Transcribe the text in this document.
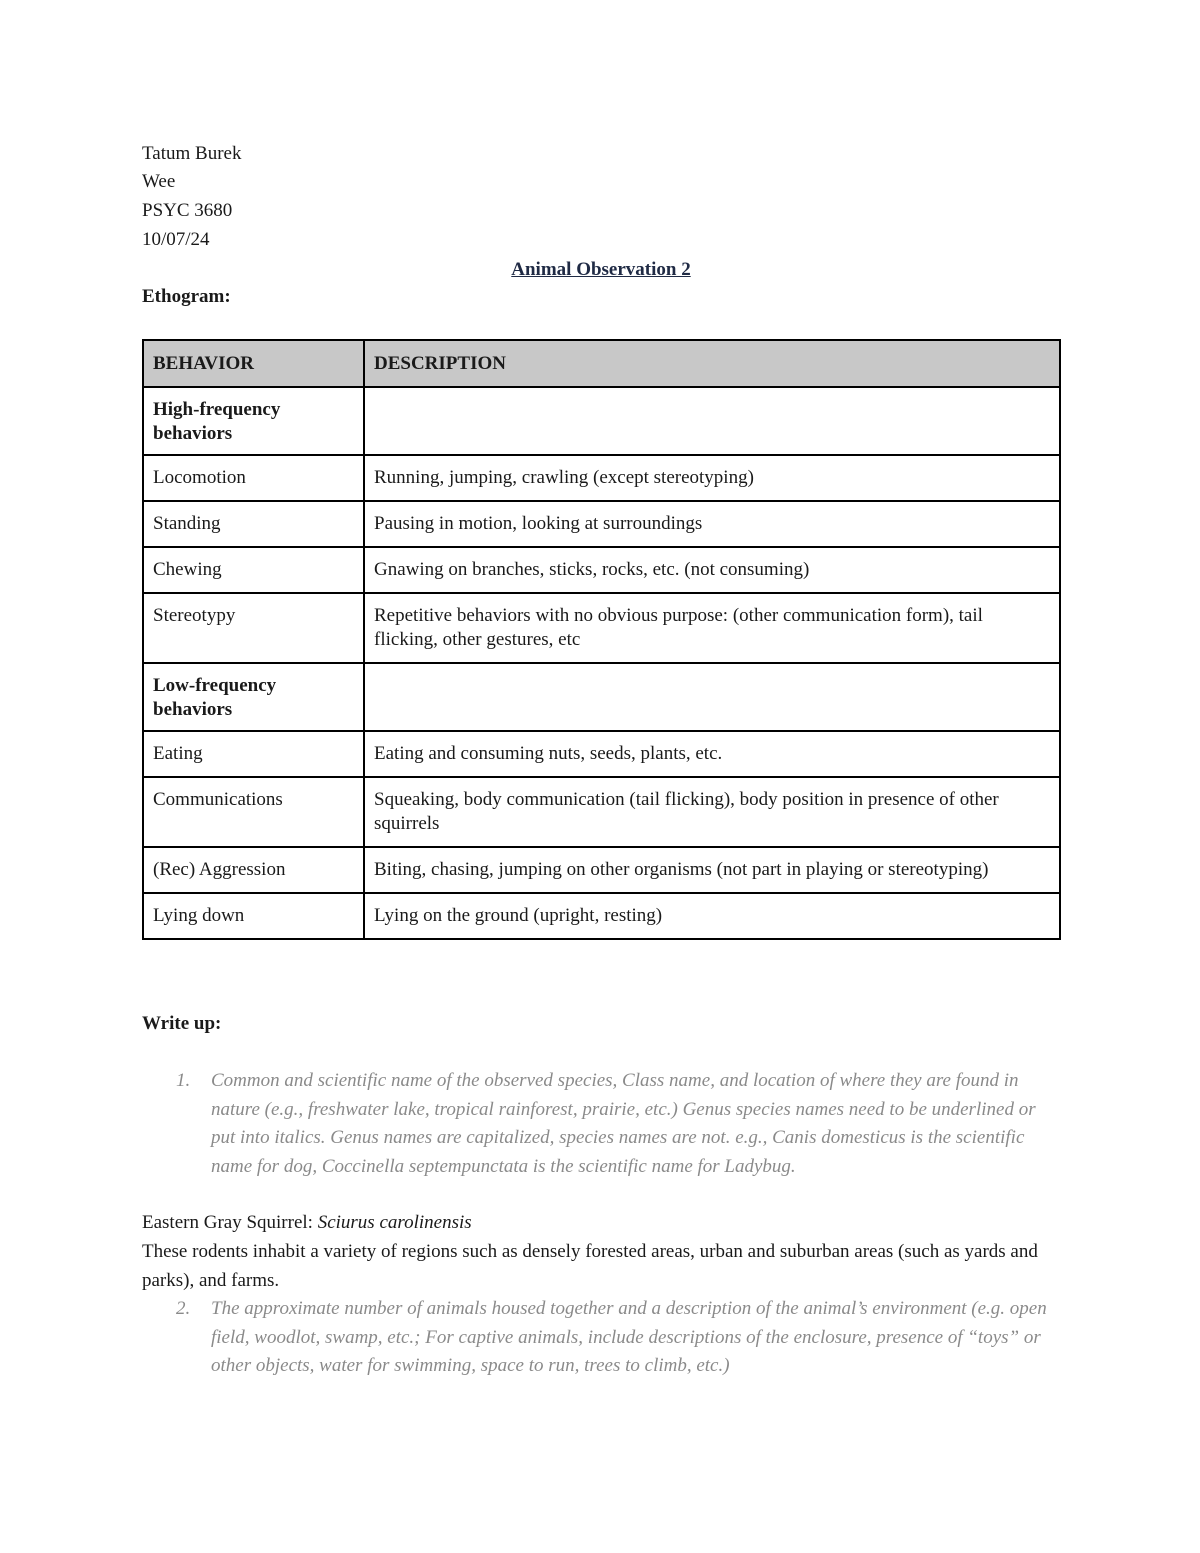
Tatum Burek
Wee
PSYC 3680
10/07/24
Animal Observation 2
Ethogram:
BEHAVIOR	DESCRIPTION

High-frequency behaviors	

Locomotion	Running, jumping, crawling (except stereotyping)
Standing	Pausing in motion, looking at surroundings
Chewing	Gnawing on branches, sticks, rocks, etc. (not consuming)
Stereotypy	Repetitive behaviors with no obvious purpose: (other communication form), tail flicking, other gestures, etc

Low-frequency behaviors	

Eating	Eating and consuming nuts, seeds, plants, etc.
Communications	Squeaking, body communication (tail flicking), body position in presence of other squirrels
(Rec) Aggression	Biting, chasing, jumping on other organisms (not part in playing or stereotyping)
Lying down	Lying on the ground (upright, resting)
Write up:
1.	Common and scientific name of the observed species, Class name, and location of where they are found in nature (e.g., freshwater lake, tropical rainforest, prairie, etc.) Genus species names need to be underlined or put into italics. Genus names are capitalized, species names are not. e.g., Canis domesticus is the scientific name for dog, Coccinella septempunctata is the scientific name for Ladybug.
Eastern Gray Squirrel: Sciurus carolinensis
These rodents inhabit a variety of regions such as densely forested areas, urban and suburban areas (such as yards and parks), and farms.
2.	The approximate number of animals housed together and a description of the animal’s environment (e.g. open field, woodlot, swamp, etc.; For captive animals, include descriptions of the enclosure, presence of “toys” or other objects, water for swimming, space to run, trees to climb, etc.)
